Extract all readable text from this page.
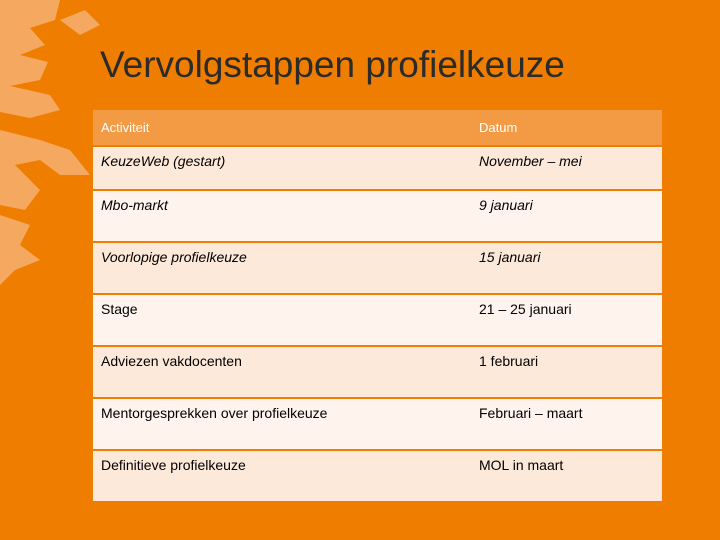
Vervolgstappen profielkeuze
Activiteit	Datum

KeuzeWeb (gestart)	November – mei

Mbo-markt	9 januari

Voorlopige profielkeuze	15 januari

Stage	21 – 25 januari

Adviezen vakdocenten	1 februari

Mentorgesprekken over profielkeuze	Februari – maart

Definitieve profielkeuze	MOL in maart
